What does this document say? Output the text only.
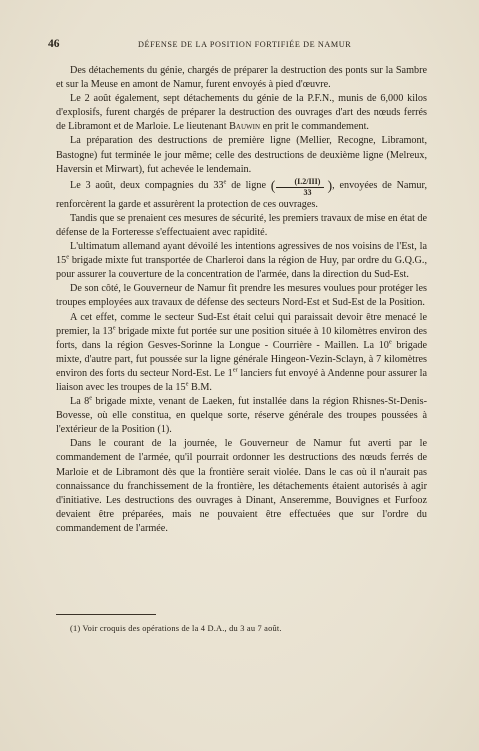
46	DÉFENSE DE LA POSITION FORTIFIÉE DE NAMUR

Des détachements du génie, chargés de préparer la destruction des ponts sur la Sambre et sur la Meuse en amont de Namur, furent envoyés à pied d'œuvre.

Le 2 août également, sept détachements du génie de la P.F.N., munis de 6,000 kilos d'explosifs, furent chargés de préparer la destruction des ouvrages d'art des nœuds ferrés de Libramont et de Marloie. Le lieutenant Bauwin en prit le commandement.

La préparation des destructions de première ligne (Mellier, Recogne, Libramont, Bastogne) fut terminée le jour même; celle des destructions de deuxième ligne (Melreux, Haversin et Mirwart), fut achevée le lendemain.

Le 3 août, deux compagnies du 33e de ligne ( $\frac{\text{(I.2/III)}}{33}$ ), envoyées de Namur, renforcèrent la garde et assurèrent la protection de ces ouvrages.

Tandis que se prenaient ces mesures de sécurité, les premiers travaux de mise en état de défense de la Forteresse s'effectuaient avec rapidité.

L'ultimatum allemand ayant dévoilé les intentions agressives de nos voisins de l'Est, la 15e brigade mixte fut transportée de Charleroi dans la région de Huy, par ordre du G.Q.G., pour assurer la couverture de la concentration de l'armée, dans la direction du Sud-Est.

De son côté, le Gouverneur de Namur fit prendre les mesures voulues pour protéger les troupes employées aux travaux de défense des secteurs Nord-Est et Sud-Est de la Position.

A cet effet, comme le secteur Sud-Est était celui qui paraissait devoir être menacé le premier, la 13e brigade mixte fut portée sur une position située à 10 kilomètres environ des forts, dans la région Gesves-Sorinne la Longue - Courrière - Maillen. La 10e brigade mixte, d'autre part, fut poussée sur la ligne générale Hingeon-Vezin-Sclayn, à 7 kilomètres environ des forts du secteur Nord-Est. Le 1er lanciers fut envoyé à Andenne pour assurer la liaison avec les troupes de la 15e B.M.

La 8e brigade mixte, venant de Laeken, fut installée dans la région Rhisnes-St-Denis-Bovesse, où elle constitua, en quelque sorte, réserve générale des troupes poussées à l'extérieur de la Position (1).

Dans le courant de la journée, le Gouverneur de Namur fut averti par le commandement de l'armée, qu'il pourrait ordonner les destructions des nœuds ferrés de Marloie et de Libramont dès que la frontière serait violée. Dans le cas où il n'aurait pas connaissance du franchissement de la frontière, les détachements étaient autorisés à agir d'initiative. Les destructions des ouvrages à Dinant, Anseremme, Bouvignes et Furfooz devaient être préparées, mais ne pouvaient être effectuées que sur l'ordre du commandement de l'armée.

(1) Voir croquis des opérations de la 4 D.A., du 3 au 7 août.
